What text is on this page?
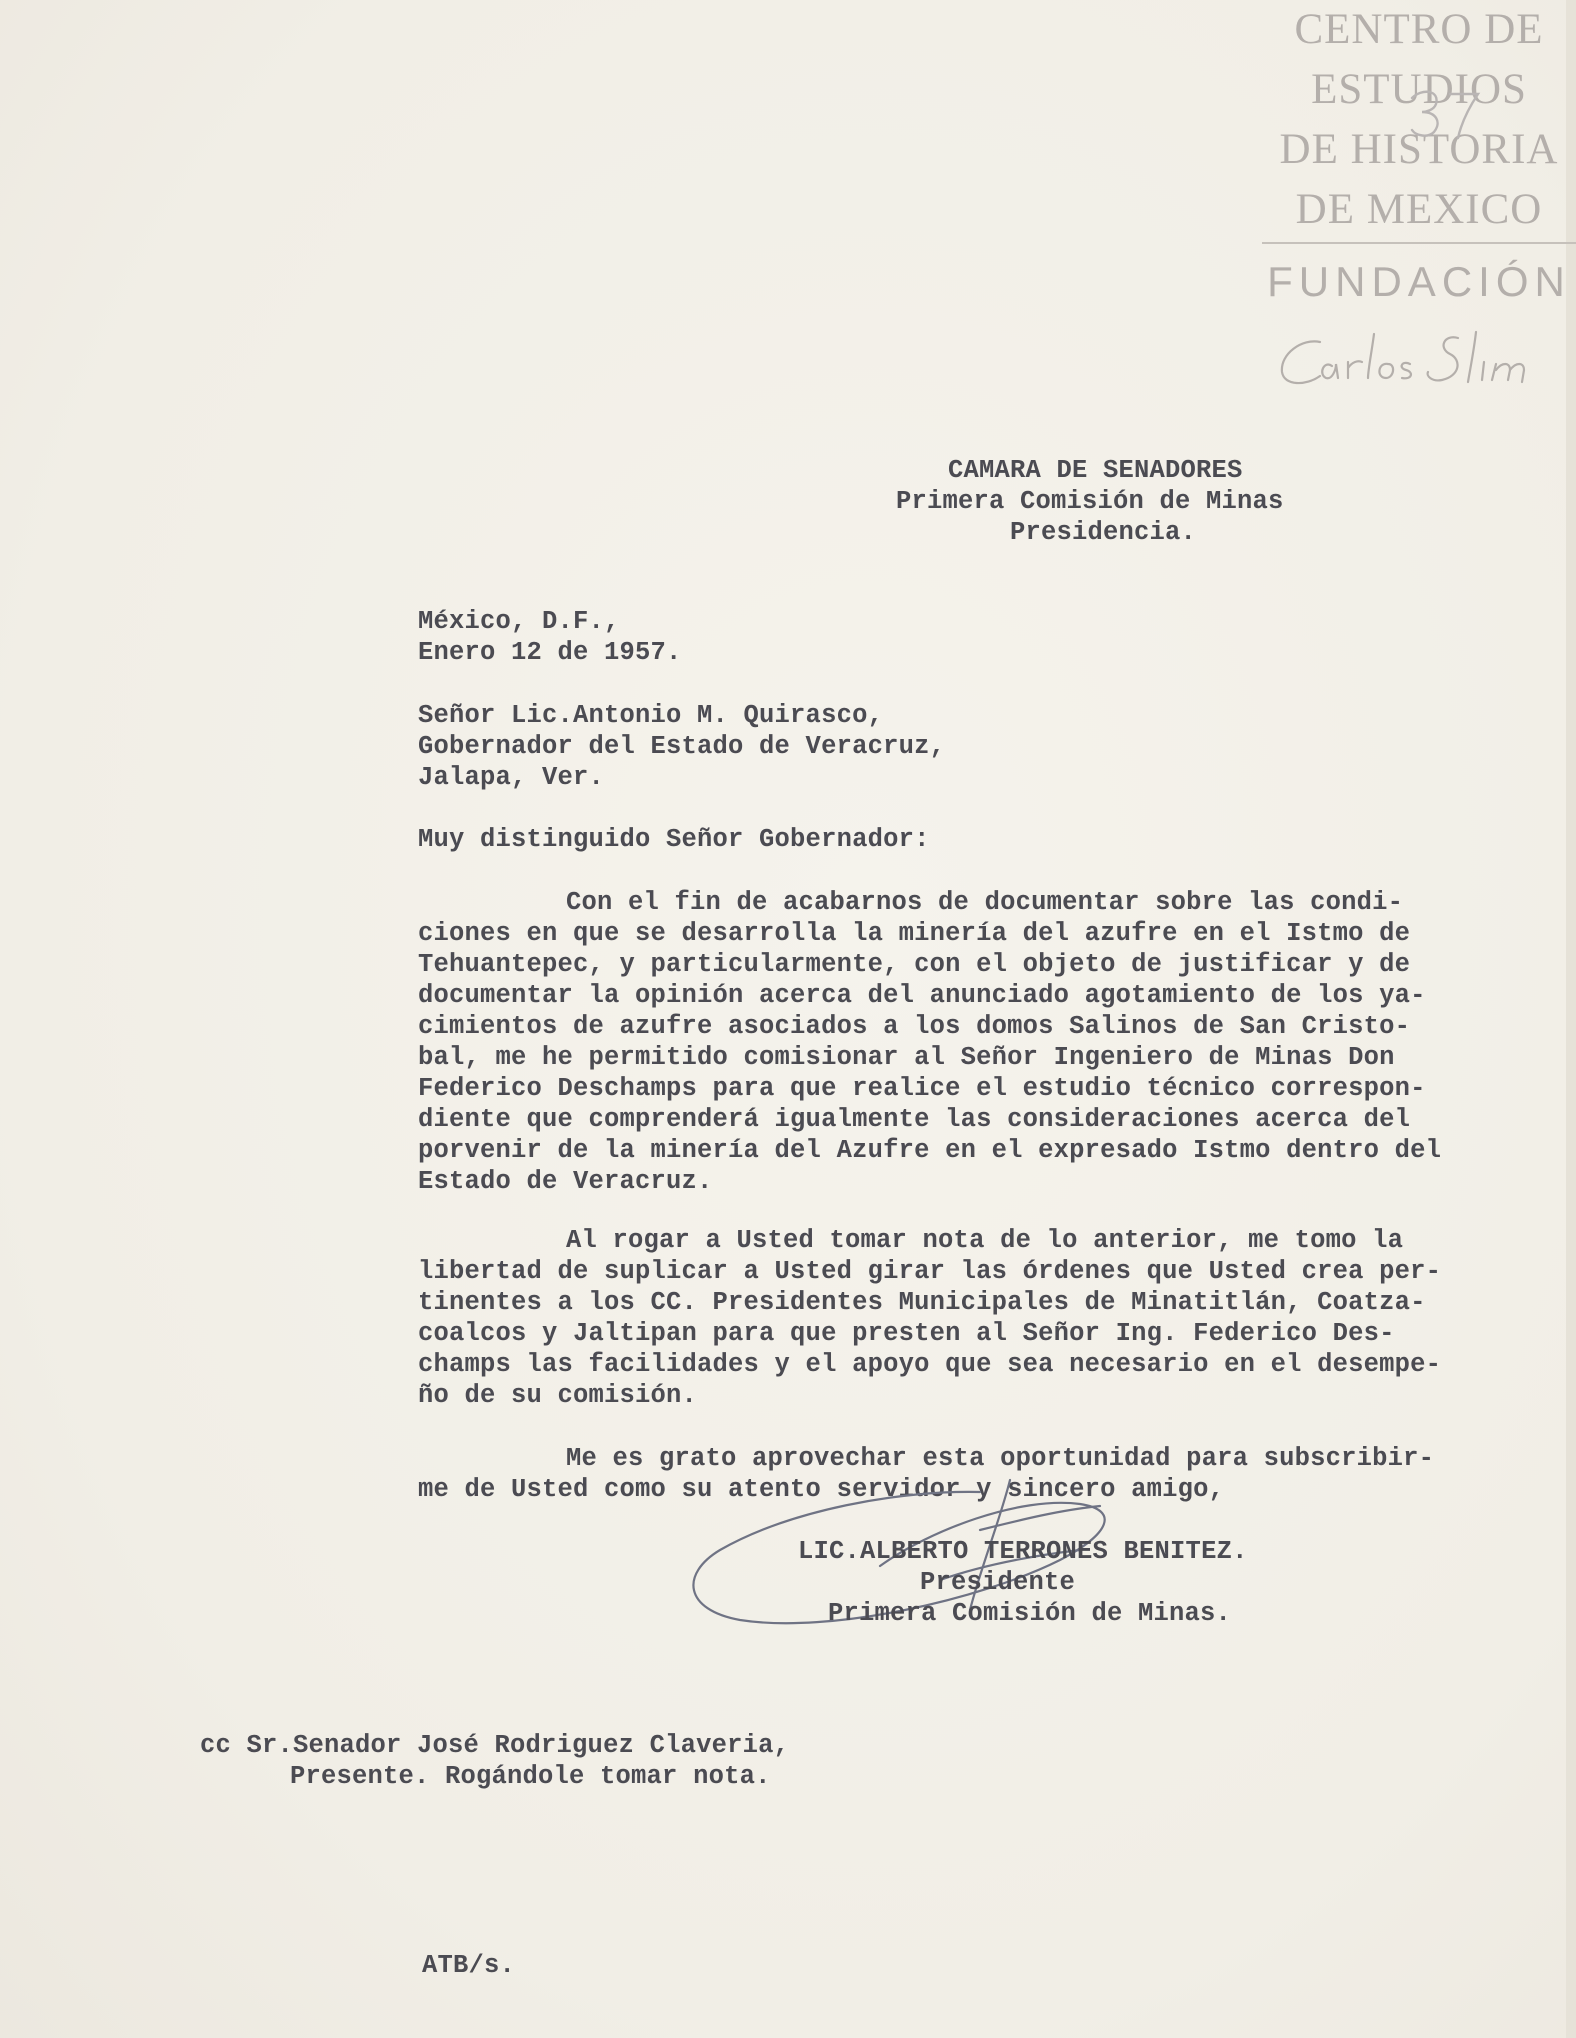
CENTRO DE
ESTUDIOS
DE HISTORIA
DE MEXICO
FUNDACIÓN
CAMARA DE SENADORES
Primera Comisión de Minas
Presidencia.
México, D.F.,
Enero 12 de 1957.
Señor Lic.Antonio M. Quirasco,
Gobernador del Estado de Veracruz,
Jalapa, Ver.
Muy distinguido Señor Gobernador:
Con el fin de acabarnos de documentar sobre las condi-
ciones en que se desarrolla la minería del azufre en el Istmo de
Tehuantepec, y particularmente, con el objeto de justificar y de
documentar la opinión acerca del anunciado agotamiento de los ya-
cimientos de azufre asociados a los domos Salinos de San Cristo-
bal, me he permitido comisionar al Señor Ingeniero de Minas Don
Federico Deschamps para que realice el estudio técnico correspon-
diente que comprenderá igualmente las consideraciones acerca del
porvenir de la minería del Azufre en el expresado Istmo dentro del
Estado de Veracruz.
Al rogar a Usted tomar nota de lo anterior, me tomo la
libertad de suplicar a Usted girar las órdenes que Usted crea per-
tinentes a los CC. Presidentes Municipales de Minatitlán, Coatza-
coalcos y Jaltipan para que presten al Señor Ing. Federico Des-
champs las facilidades y el apoyo que sea necesario en el desempe-
ño de su comisión.
Me es grato aprovechar esta oportunidad para subscribir-
me de Usted como su atento servidor y sincero amigo,
LIC.ALBERTO TERRONES BENITEZ.
Presidente
Primera Comisión de Minas.
cc Sr.Senador José Rodriguez Claveria,
Presente. Rogándole tomar nota.
ATB/s.
